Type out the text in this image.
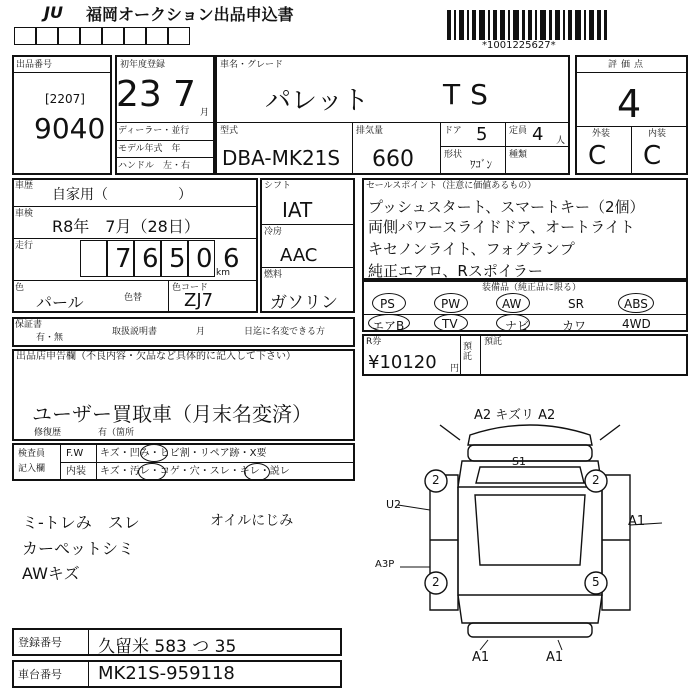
JU 福岡オークション出品申込書
*1001225627*
出品番号
[2207]
9040
初年度登録
23 7 月
ディーラー・並行
モデル年式　年
ハンドル　左・右
車名・グレード
パレット	TS
型式
DBA-MK21S
排気量
660
ドア 5
形状
ﾜｺﾞﾝ
定員 4 人
種類
評価点
4
外装	内装
C C
車歴
自家用（　　　　　）
車検
R8年　7月（28日）
走行	7 6 5 0 6
km
色
パール	色替
色コード
ZJ7
シフト
IAT
冷房
AAC
燃料
ガソリン
セールスポイント（注意に価値あるもの）
プッシュスタート、スマートキー（2個）
両側パワースライドドア、オートライト
キセノンライト、フォグランプ
純正エアロ、Rスポイラー
装備品（純正品に限る）
PS	PW	AW	SR	ABS
エアB	TV	ナビ	カワ	4WD
保証書
有・無
取扱説明書	月	日迄に名変できる方
R券
¥10120 円
預託
預託
出品店申告欄（不良内容・欠品など具体的に記入して下さい）
ユーザー買取車（月末名変済）
修復歴	有（箇所
検査員
記入欄
F.W キズ・凹み・ヒビ割・リペア跡・X要
内装 キズ・汚レ・コゲ・穴・スレ・キレ・説レ
ミ-トレみ　スレ
カーペットシミ
AWキズ
オイルにじみ
A2 キズリ A2
S1
U2
A1
A3P
A1	A1
2	2
2	5
登録番号 久留米 583 つ 35
車台番号 MK21S-959118
